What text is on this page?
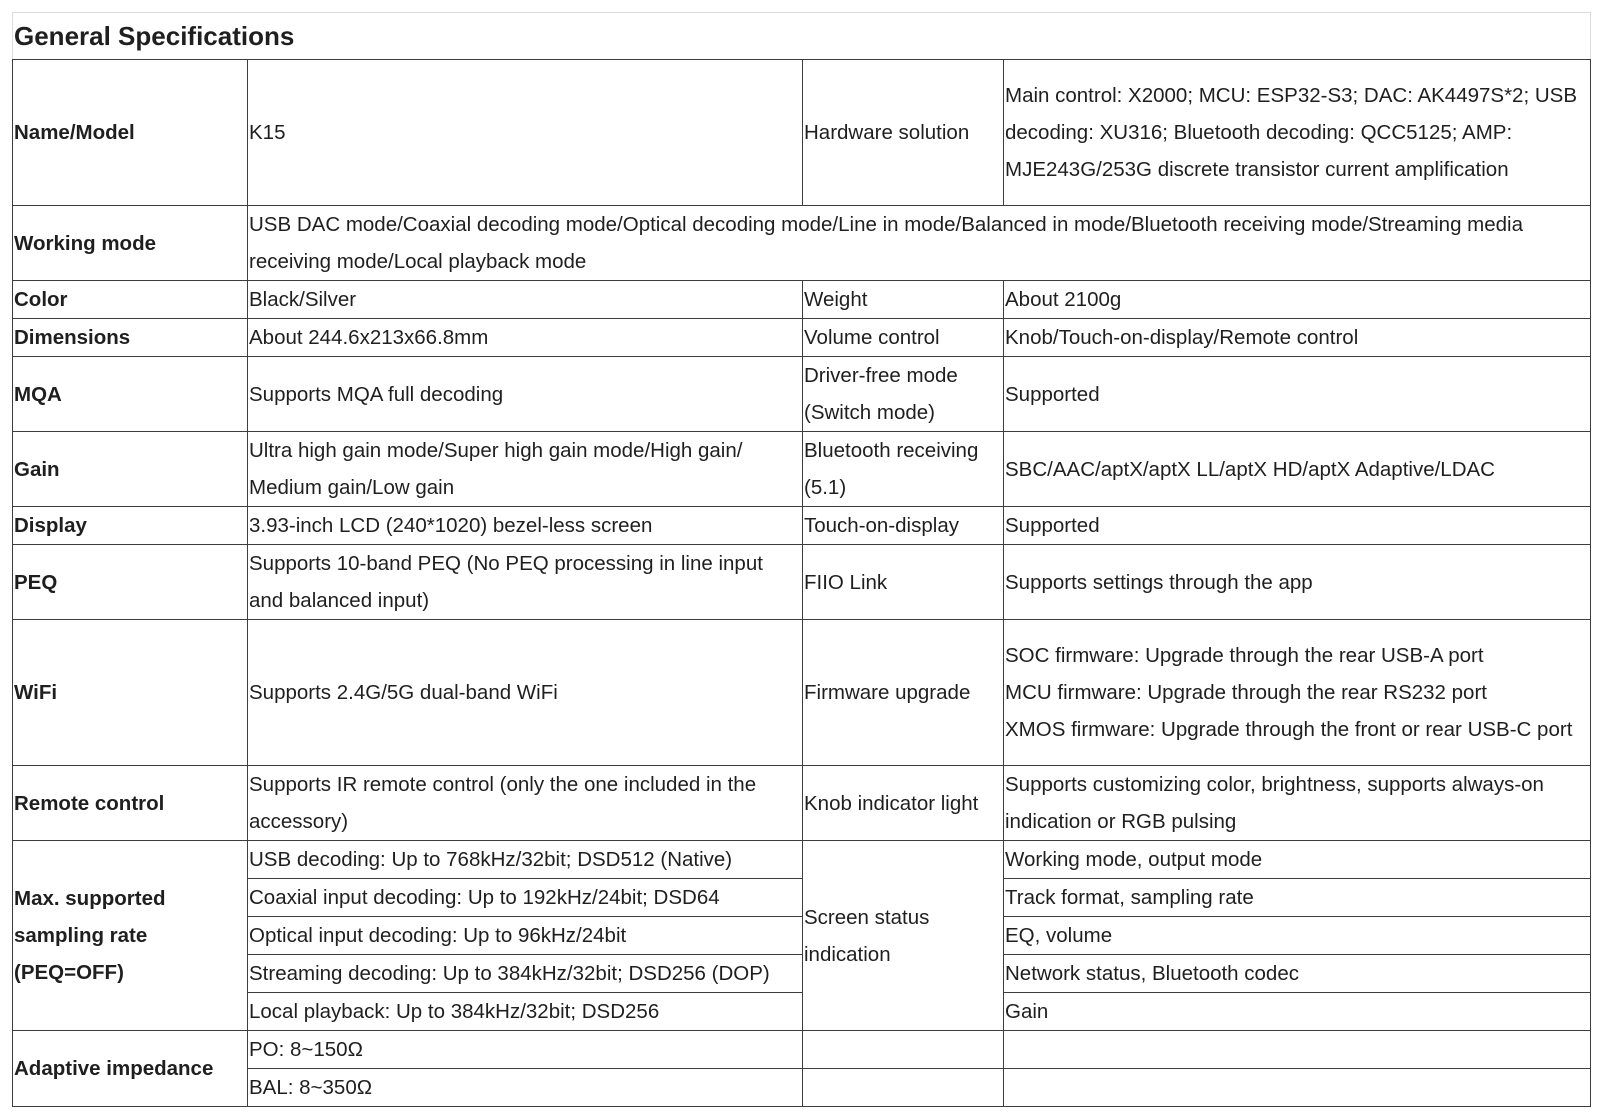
General Specifications			
Name/Model	K15	Hardware solution	Main control: X2000; MCU: ESP32-S3; DAC: AK4497S*2; USB decoding: XU316; Bluetooth decoding: QCC5125; AMP: MJE243G/253G discrete transistor current amplification
Working mode	USB DAC mode/Coaxial decoding mode/Optical decoding mode/Line in mode/Balanced in mode/Bluetooth receiving mode/Streaming media receiving mode/Local playback mode		
Color	Black/Silver	Weight	About 2100g
Dimensions	About 244.6x213x66.8mm	Volume control	Knob/Touch-on-display/Remote control
MQA	Supports MQA full decoding	Driver-free mode (Switch mode)	Supported
Gain	Ultra high gain mode/Super high gain mode/High gain/ Medium gain/Low gain	Bluetooth receiving (5.1)	SBC/AAC/aptX/aptX LL/aptX HD/aptX Adaptive/LDAC
Display	3.93-inch LCD (240*1020) bezel-less screen	Touch-on-display	Supported
PEQ	Supports 10-band PEQ (No PEQ processing in line input and balanced input)	FIIO Link	Supports settings through the app
WiFi	Supports 2.4G/5G dual-band WiFi	Firmware upgrade	SOC firmware: Upgrade through the rear USB-A port
MCU firmware: Upgrade through the rear RS232 port
XMOS firmware: Upgrade through the front or rear USB-C port

Remote control	Supports IR remote control (only the one included in the accessory)	Knob indicator light	Supports customizing color, brightness, supports always-on indication or RGB pulsing
Max. supported sampling rate (PEQ=OFF)	USB decoding: Up to 768kHz/32bit; DSD512 (Native)	Screen status indication	Working mode, output mode
	Coaxial input decoding: Up to 192kHz/24bit; DSD64		Track format, sampling rate
	Optical input decoding: Up to 96kHz/24bit		EQ, volume
	Streaming decoding: Up to 384kHz/32bit; DSD256 (DOP)		Network status, Bluetooth codec
	Local playback: Up to 384kHz/32bit; DSD256		Gain
Adaptive impedance	PO: 8~150Ω		
	BAL: 8~350Ω		
